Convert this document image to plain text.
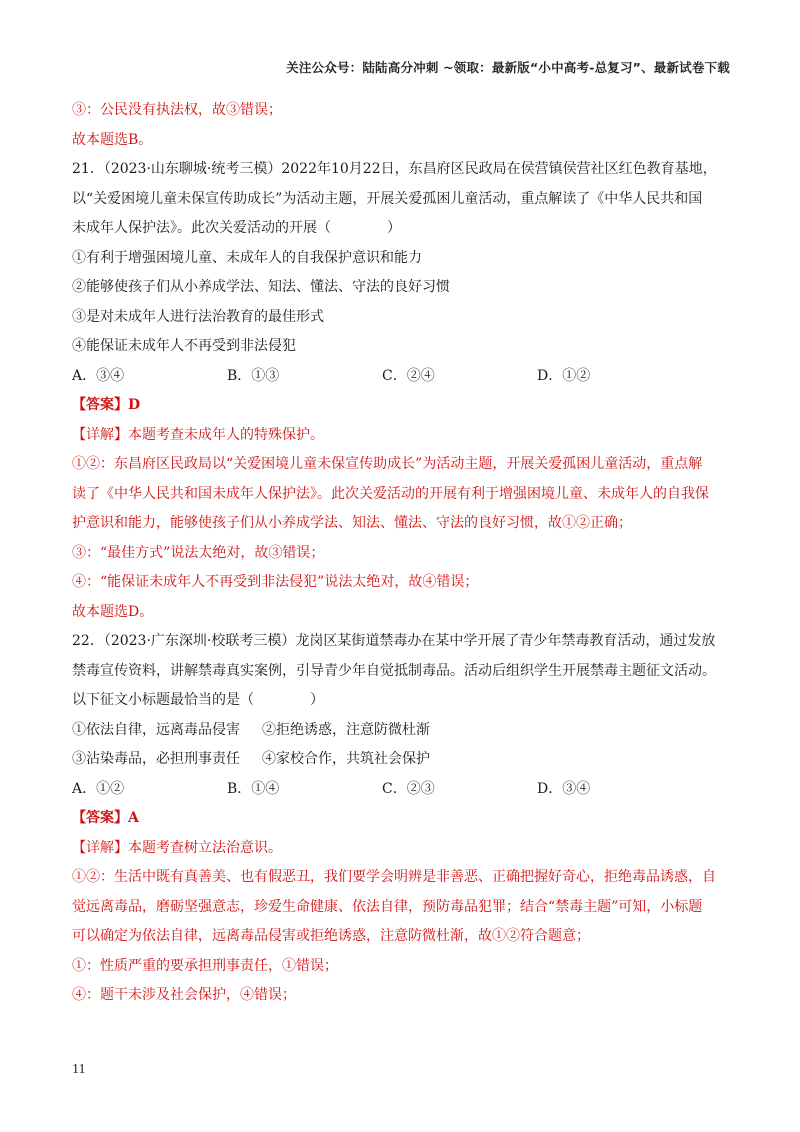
关注公众号：陆陆高分冲刺 ~领取：最新版“小中高考-总复习”、最新试卷下载
③：公民没有执法权，故③错误；
故本题选B。
21．（2023·山东聊城·统考三模）2022年10月22日，东昌府区民政局在侯营镇侯营社区红色教育基地，
以“关爱困境儿童未保宣传助成长”为活动主题，开展关爱孤困儿童活动，重点解读了《中华人民共和国
未成年人保护法》。此次关爱活动的开展（	）
①有利于增强困境儿童、未成年人的自我保护意识和能力
②能够使孩子们从小养成学法、知法、懂法、守法的良好习惯
③是对未成年人进行法治教育的最佳形式
④能保证未成年人不再受到非法侵犯
A．③④	B．①③	C．②④	D．①②
【答案】D
【详解】本题考查未成年人的特殊保护。
①②：东昌府区民政局以“关爱困境儿童未保宣传助成长”为活动主题，开展关爱孤困儿童活动，重点解
读了《中华人民共和国未成年人保护法》。此次关爱活动的开展有利于增强困境儿童、未成年人的自我保
护意识和能力，能够使孩子们从小养成学法、知法、懂法、守法的良好习惯，故①②正确；
③：“最佳方式”说法太绝对，故③错误；
④：“能保证未成年人不再受到非法侵犯”说法太绝对，故④错误；
故本题选D。
22．（2023·广东深圳·校联考三模）龙岗区某街道禁毒办在某中学开展了青少年禁毒教育活动，通过发放
禁毒宣传资料，讲解禁毒真实案例，引导青少年自觉抵制毒品。活动后组织学生开展禁毒主题征文活动。
以下征文小标题最恰当的是（	）
①依法自律，远离毒品侵害 ②拒绝诱惑，注意防微杜渐
③沾染毒品，必担刑事责任 ④家校合作，共筑社会保护
A．①②	B．①④	C．②③	D．③④
【答案】A
【详解】本题考查树立法治意识。
①②：生活中既有真善美、也有假恶丑，我们要学会明辨是非善恶、正确把握好奇心，拒绝毒品诱惑，自
觉远离毒品，磨砺坚强意志，珍爱生命健康、依法自律，预防毒品犯罪；结合“禁毒主题”可知，小标题
可以确定为依法自律，远离毒品侵害或拒绝诱惑，注意防微杜渐，故①②符合题意；
①：性质严重的要承担刑事责任，①错误；
④：题干未涉及社会保护，④错误；
11
